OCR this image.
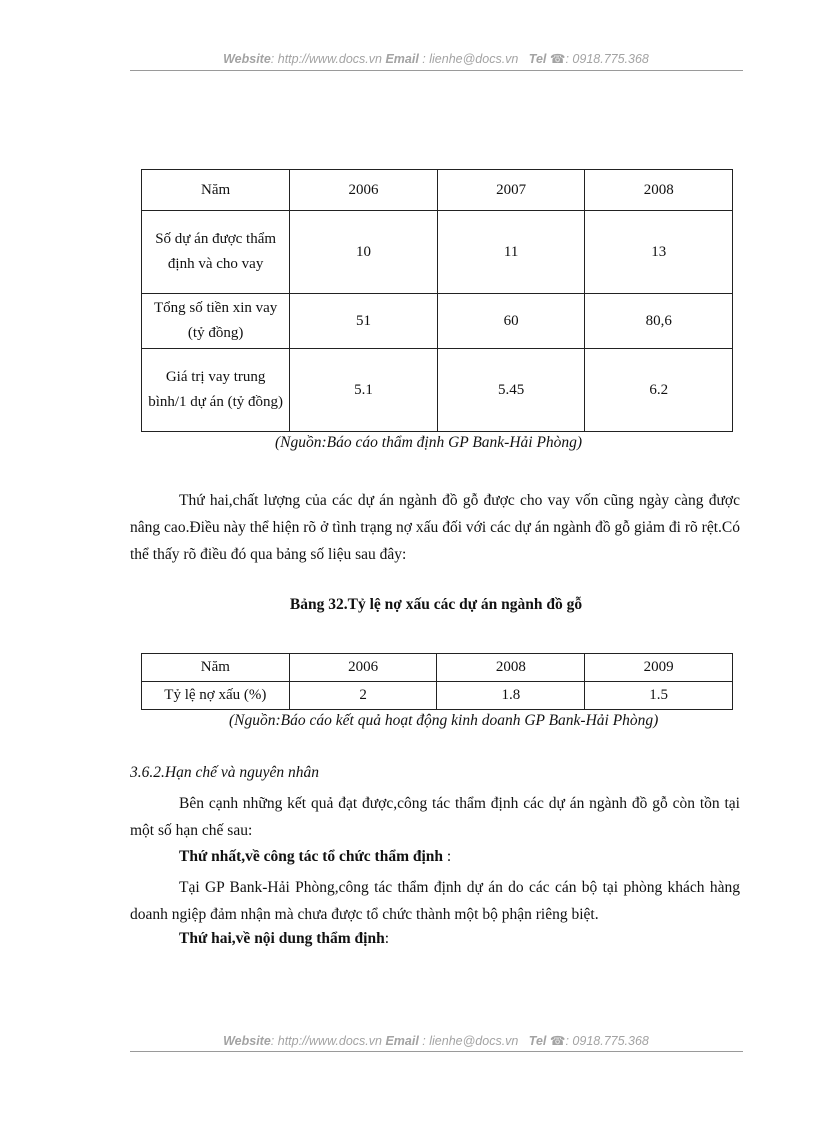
Website: http://www.docs.vn Email : lienhe@docs.vn Tel ☎: 0918.775.368
Năm	2006	2007	2008
Số dự án được thẩm định và cho vay	10	11	13
Tổng số tiền xin vay (tỷ đồng)	51	60	80,6
Giá trị vay trung bình/1 dự án (tỷ đồng)	5.1	5.45	6.2
(Nguồn:Báo cáo thẩm định GP Bank-Hải Phòng)
Thứ hai,chất lượng của các dự án ngành đồ gỗ được cho vay vốn cũng ngày càng được nâng cao.Điều này thể hiện rõ ở tình trạng nợ xấu đối với các dự án ngành đồ gỗ giảm đi rõ rệt.Có thể thấy rõ điều đó qua bảng số liệu sau đây:
Bảng 32.Tỷ lệ nợ xấu các dự án ngành đồ gỗ
Năm	2006	2008	2009
Tỷ lệ nợ xấu (%)	2	1.8	1.5
(Nguồn:Báo cáo kết quả hoạt động kinh doanh GP Bank-Hải Phòng)
3.6.2.Hạn chế và nguyên nhân
Bên cạnh những kết quả đạt được,công tác thẩm định các dự án ngành đồ gỗ còn tồn tại một số hạn chế sau:
Thứ nhất,về công tác tổ chức thẩm định :
Tại GP Bank-Hải Phòng,công tác thẩm định dự án do các cán bộ tại phòng khách hàng doanh ngiệp đảm nhận mà chưa được tổ chức thành một bộ phận riêng biệt.
Thứ hai,về nội dung thẩm định:
Website: http://www.docs.vn Email : lienhe@docs.vn Tel ☎: 0918.775.368
